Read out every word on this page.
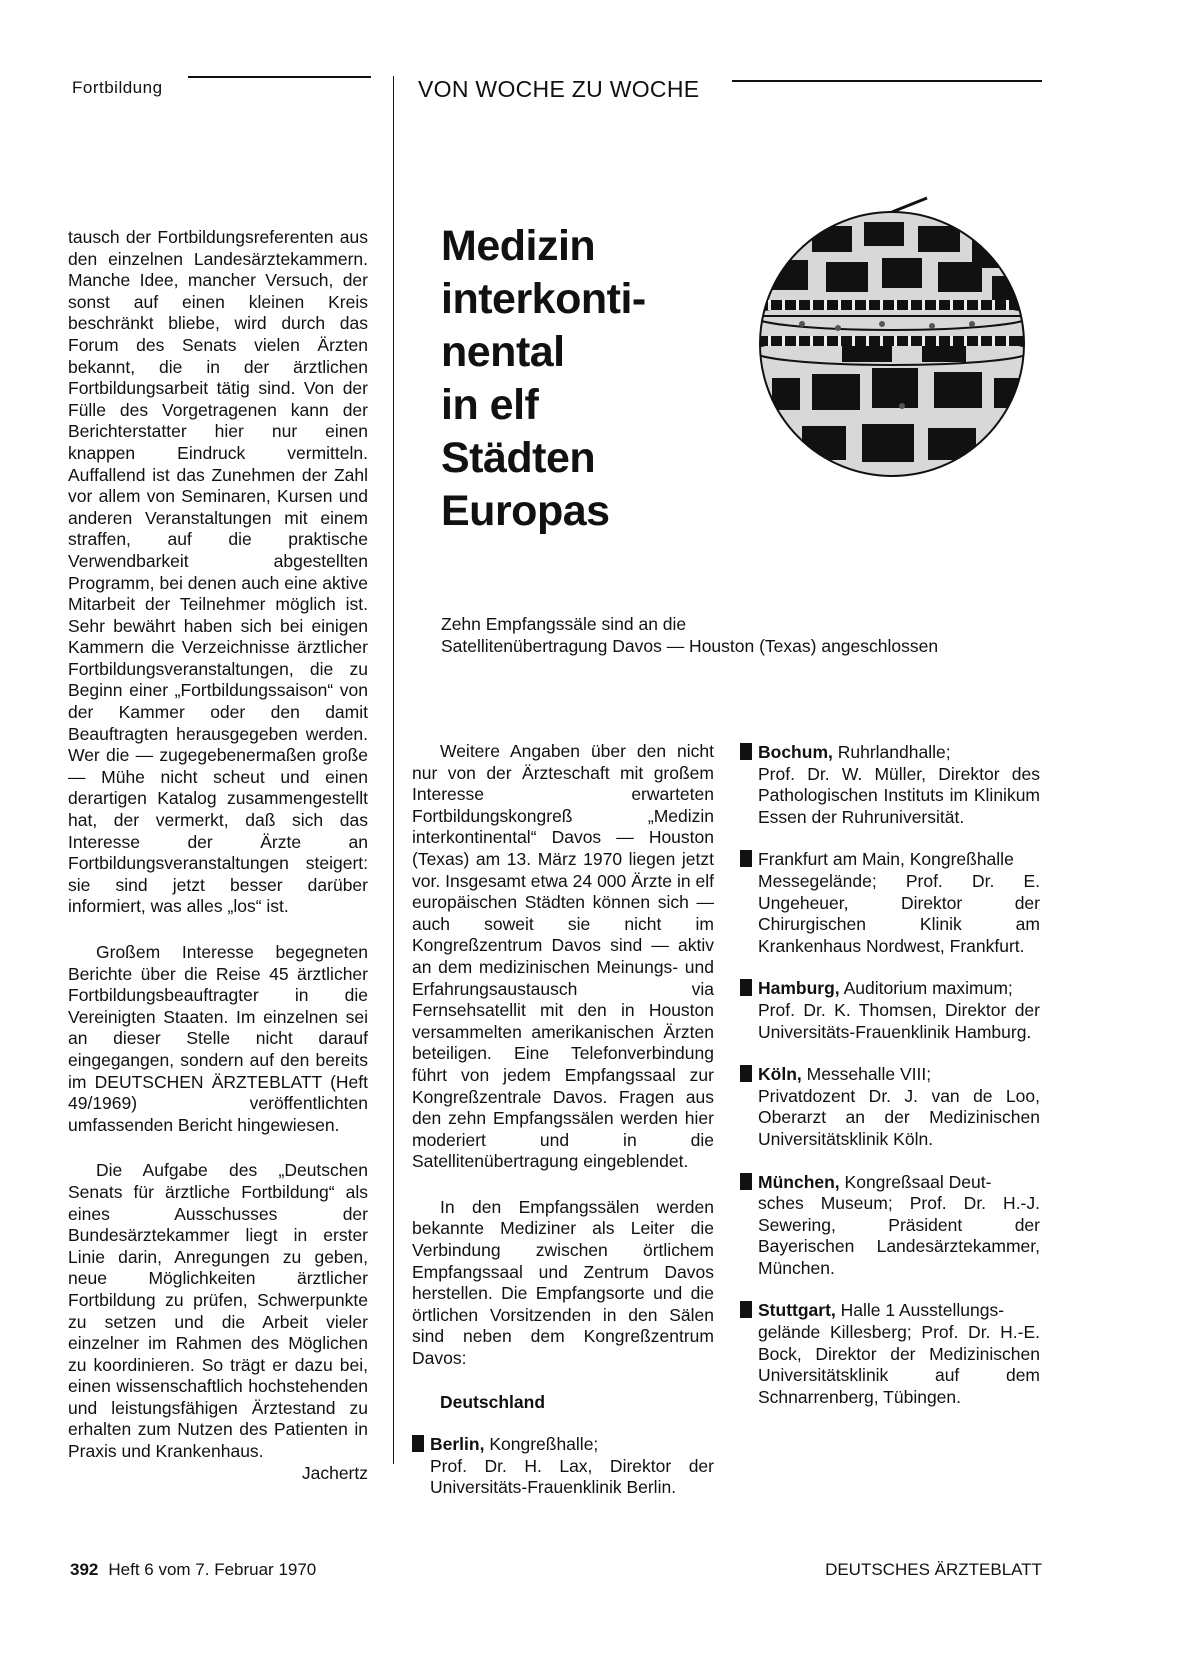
Fortbildung	VON WOCHE ZU WOCHE

tausch der Fortbildungsreferenten aus den einzelnen Landesärztekammern. Manche Idee, mancher Versuch, der sonst auf einen kleinen Kreis beschränkt bliebe, wird durch das Forum des Senats vielen Ärzten bekannt, die in der ärztlichen Fortbildungsarbeit tätig sind. Von der Fülle des Vorgetragenen kann der Berichterstatter hier nur einen knappen Eindruck vermitteln. Auffallend ist das Zunehmen der Zahl vor allem von Seminaren, Kursen und anderen Veranstaltungen mit einem straffen, auf die praktische Verwendbarkeit abgestellten Programm, bei denen auch eine aktive Mitarbeit der Teilnehmer möglich ist. Sehr bewährt haben sich bei einigen Kammern die Verzeichnisse ärztlicher Fortbildungsveranstaltungen, die zu Beginn einer „Fortbildungssaison“ von der Kammer oder den damit Beauftragten herausgegeben werden. Wer die — zugegebenermaßen große — Mühe nicht scheut und einen derartigen Katalog zusammengestellt hat, der vermerkt, daß sich das Interesse der Ärzte an Fortbildungsveranstaltungen steigert: sie sind jetzt besser darüber informiert, was alles „los“ ist.

Großem Interesse begegneten Berichte über die Reise 45 ärztlicher Fortbildungsbeauftragter in die Vereinigten Staaten. Im einzelnen sei an dieser Stelle nicht darauf eingegangen, sondern auf den bereits im DEUTSCHEN ÄRZTEBLATT (Heft 49/1969) veröffentlichten umfassenden Bericht hingewiesen.

Die Aufgabe des „Deutschen Senats für ärztliche Fortbildung“ als eines Ausschusses der Bundesärztekammer liegt in erster Linie darin, Anregungen zu geben, neue Möglichkeiten ärztlicher Fortbildung zu prüfen, Schwerpunkte zu setzen und die Arbeit vieler einzelner im Rahmen des Möglichen zu koordinieren. So trägt er dazu bei, einen wissenschaftlich hochstehenden und leistungsfähigen Ärztestand zu erhalten zum Nutzen des Patienten in Praxis und Krankenhaus.

Jachertz
Medizin
interkonti-
nental
in elf
Städten
Europas
Zehn Empfangssäle sind an die
Satellitenübertragung Davos — Houston (Texas) angeschlossen

Weitere Angaben über den nicht nur von der Ärzteschaft mit großem Interesse erwarteten Fortbildungskongreß „Medizin interkontinental“ Davos — Houston (Texas) am 13. März 1970 liegen jetzt vor. Insgesamt etwa 24 000 Ärzte in elf europäischen Städten können sich — auch soweit sie nicht im Kongreßzentrum Davos sind — aktiv an dem medizinischen Meinungs- und Erfahrungsaustausch via Fernsehsatellit mit den in Houston versammelten amerikanischen Ärzten beteiligen. Eine Telefonverbindung führt von jedem Empfangssaal zur Kongreßzentrale Davos. Fragen aus den zehn Empfangssälen werden hier moderiert und in die Satellitenübertragung eingeblendet.

In den Empfangssälen werden bekannte Mediziner als Leiter die Verbindung zwischen örtlichem Empfangssaal und Zentrum Davos herstellen. Die Empfangsorte und die örtlichen Vorsitzenden in den Sälen sind neben dem Kongreßzentrum Davos:

Deutschland
Berlin, Kongreßhalle;
Prof. Dr. H. Lax, Direktor der Universitäts-Frauenklinik Berlin.
Bochum, Ruhrlandhalle;
Prof. Dr. W. Müller, Direktor des Pathologischen Instituts im Klinikum Essen der Ruhruniversität.
Frankfurt am Main, Kongreßhalle
Messegelände; Prof. Dr. E. Ungeheuer, Direktor der Chirurgischen Klinik am Krankenhaus Nordwest, Frankfurt.
Hamburg, Auditorium maximum;
Prof. Dr. K. Thomsen, Direktor der Universitäts-Frauenklinik Hamburg.
Köln, Messehalle VIII;
Privatdozent Dr. J. van de Loo, Oberarzt an der Medizinischen Universitätsklinik Köln.
München, Kongreßsaal Deut-
sches Museum; Prof. Dr. H.-J. Sewering, Präsident der Bayerischen Landesärztekammer, München.
Stuttgart, Halle 1 Ausstellungs-
gelände Killesberg; Prof. Dr. H.-E. Bock, Direktor der Medizinischen Universitätsklinik auf dem Schnarrenberg, Tübingen.
392 Heft 6 vom 7. Februar 1970	DEUTSCHES ÄRZTEBLATT
